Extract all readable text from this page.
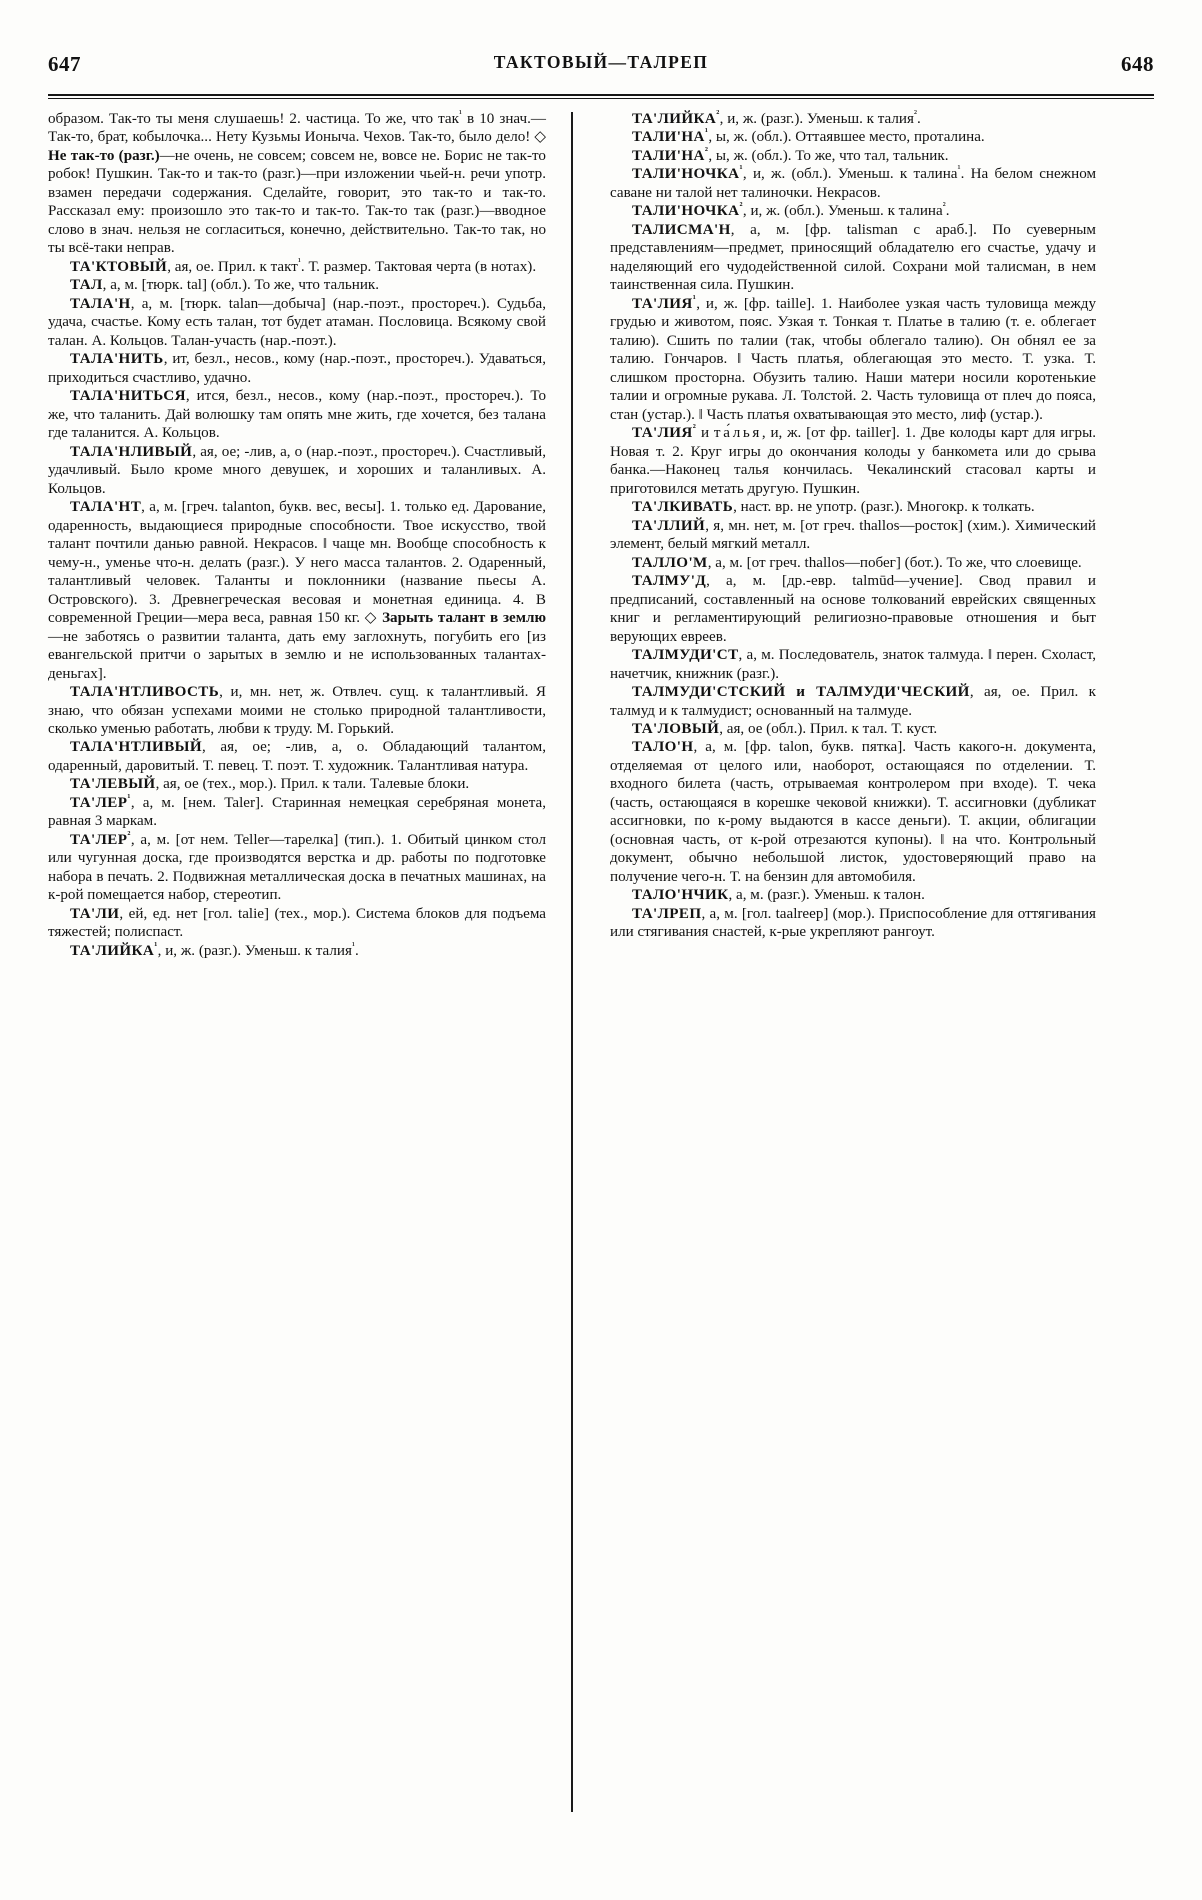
647	ТАКТОВЫЙ—ТАЛРЕП	648

образом. Так-то ты меня слушаешь! 2. частица. То же, что так$^{^1}$ в 10 знач.—Так-то, брат, кобылочка... Нету Кузьмы Ионыча. Чехов. Так-то, было дело! ◇ Не так-то (разг.)—не очень, не совсем; совсем не, вовсе не. Борис не так-то робок! Пушкин. Так-то и так-то (разг.)—при изложении чьей-н. речи употр. взамен передачи содержания. Сделайте, говорит, это так-то и так-то. Рассказал ему: произошло это так-то и так-то. Так-то так (разг.)—вводное слово в знач. нельзя не согласиться, конечно, действительно. Так-то так, но ты всё-таки неправ.

ТА'КТОВЫЙ, ая, ое. Прил. к такт$^{^1}$. Т. размер. Тактовая черта (в нотах).

ТАЛ, а, м. [тюрк. tal] (обл.). То же, что тальник.

ТАЛА'Н, а, м. [тюрк. talan—добыча] (нар.-поэт., простореч.). Судьба, удача, счастье. Кому есть талан, тот будет атаман. Пословица. Всякому свой талан. А. Кольцов. Талан-участь (нар.-поэт.).

ТАЛА'НИТЬ, ит, безл., несов., кому (нар.-поэт., простореч.). Удаваться, приходиться счастливо, удачно.

ТАЛА'НИТЬСЯ, ится, безл., несов., кому (нар.-поэт., простореч.). То же, что таланить. Дай волюшку там опять мне жить, где хочется, без талана где таланится. А. Кольцов.

ТАЛА'НЛИВЫЙ, ая, ое; -лив, а, о (нар.-поэт., простореч.). Счастливый, удачливый. Было кроме много девушек, и хороших и таланливых. А. Кольцов.

ТАЛА'НТ, а, м. [греч. talanton, букв. вес, весы]. 1. только ед. Дарование, одаренность, выдающиеся природные способности. Твое искусство, твой талант почтили данью равной. Некрасов. ‖ чаще мн. Вообще способность к чему-н., уменье что-н. делать (разг.). У него масса талантов. 2. Одаренный, талантливый человек. Таланты и поклонники (название пьесы А. Островского). 3. Древнегреческая весовая и монетная единица. 4. В современной Греции—мера веса, равная 150 кг. ◇ Зарыть талант в землю—не заботясь о развитии таланта, дать ему заглохнуть, погубить его [из евангельской притчи о зарытых в землю и не использованных талантах-деньгах].

ТАЛА'НТЛИВОСТЬ, и, мн. нет, ж. Отвлеч. сущ. к талантливый. Я знаю, что обязан успехами моими не столько природной талантливости, сколько уменью работать, любви к труду. М. Горький.

ТАЛА'НТЛИВЫЙ, ая, ое; -лив, а, о. Обладающий талантом, одаренный, даровитый. Т. певец. Т. поэт. Т. художник. Талантливая натура.

ТА'ЛЕВЫЙ, ая, ое (тех., мор.). Прил. к тали. Талевые блоки.

$ТА'ЛЕР^{^1}$, а, м. [нем. Taler]. Старинная немецкая серебряная монета, равная 3 маркам.

$ТА'ЛЕР^{^2}$, а, м. [от нем. Teller—тарелка] (тип.). 1. Обитый цинком стол или чугунная доска, где производятся верстка и др. работы по подготовке набора в печать. 2. Подвижная металлическая доска в печатных машинах, на к-рой помещается набор, стереотип.

ТА'ЛИ, ей, ед. нет [гол. talie] (тех., мор.). Система блоков для подъема тяжестей; полиспаст.

$ТА'ЛИЙКА^{^1}$, и, ж. (разг.). Уменьш. к талия$^{^1}$.

$ТА'ЛИЙКА^{^2}$, и, ж. (разг.). Уменьш. к талия$^{^2}$.

$ТАЛИ'НА^{^1}$, ы, ж. (обл.). Оттаявшее место, проталина.

$ТАЛИ'НА^{^2}$, ы, ж. (обл.). То же, что тал, тальник.

$ТАЛИ'НОЧКА^{^1}$, и, ж. (обл.). Уменьш. к талина$^{^1}$. На белом снежном саване ни талой нет талиночки. Некрасов.

$ТАЛИ'НОЧКА^{^2}$, и, ж. (обл.). Уменьш. к талина$^{^2}$.

ТАЛИСМА'Н, а, м. [фр. talisman с араб.]. По суеверным представлениям—предмет, приносящий обладателю его счастье, удачу и наделяющий его чудодейственной силой. Сохрани мой талисман, в нем таинственная сила. Пушкин.

$ТА'ЛИЯ^{^1}$, и, ж. [фр. taille]. 1. Наиболее узкая часть туловища между грудью и животом, пояс. Узкая т. Тонкая т. Платье в талию (т. е. облегает талию). Сшить по талии (так, чтобы облегало талию). Он обнял ее за талию. Гончаров. ‖ Часть платья, облегающая это место. Т. узка. Т. слишком просторна. Обузить талию. Наши матери носили коротенькие талии и огромные рукава. Л. Толстой. 2. Часть туловища от плеч до пояса, стан (устар.). ‖ Часть платья охватывающая это место, лиф (устар.).

$ТА'ЛИЯ^{^2}$ и та́лья, и, ж. [от фр. tailler]. 1. Две колоды карт для игры. Новая т. 2. Круг игры до окончания колоды у банкомета или до срыва банка.—Наконец талья кончилась. Чекалинский стасовал карты и приготовился метать другую. Пушкин.

ТА'ЛКИВАТЬ, наст. вр. не употр. (разг.). Многокр. к толкать.

ТА'ЛЛИЙ, я, мн. нет, м. [от греч. thallos—росток] (хим.). Химический элемент, белый мягкий металл.

ТАЛЛО'М, а, м. [от греч. thallos—побег] (бот.). То же, что слоевище.

ТАЛМУ'Д, а, м. [др.-евр. talmūd—учение]. Свод правил и предписаний, составленный на основе толкований еврейских священных книг и регламентирующий религиозно-правовые отношения и быт верующих евреев.

ТАЛМУДИ'СТ, а, м. Последователь, знаток талмуда. ‖ перен. Схоласт, начетчик, книжник (разг.).

ТАЛМУДИ'СТСКИЙ и ТАЛМУДИ'ЧЕСКИЙ, ая, ое. Прил. к талмуд и к талмудист; основанный на талмуде.

ТА'ЛОВЫЙ, ая, ое (обл.). Прил. к тал. Т. куст.

ТАЛО'Н, а, м. [фр. talon, букв. пятка]. Часть какого-н. документа, отделяемая от целого или, наоборот, остающаяся по отделении. Т. входного билета (часть, отрываемая контролером при входе). Т. чека (часть, остающаяся в корешке чековой книжки). Т. ассигновки (дубликат ассигновки, по к-рому выдаются в кассе деньги). Т. акции, облигации (основная часть, от к-рой отрезаются купоны). ‖ на что. Контрольный документ, обычно небольшой листок, удостоверяющий право на получение чего-н. Т. на бензин для автомобиля.

ТАЛО'НЧИК, а, м. (разг.). Уменьш. к талон.

ТА'ЛРЕП, а, м. [гол. taalreep] (мор.). Приспособление для оттягивания или стягивания снастей, к-рые укрепляют рангоут.
